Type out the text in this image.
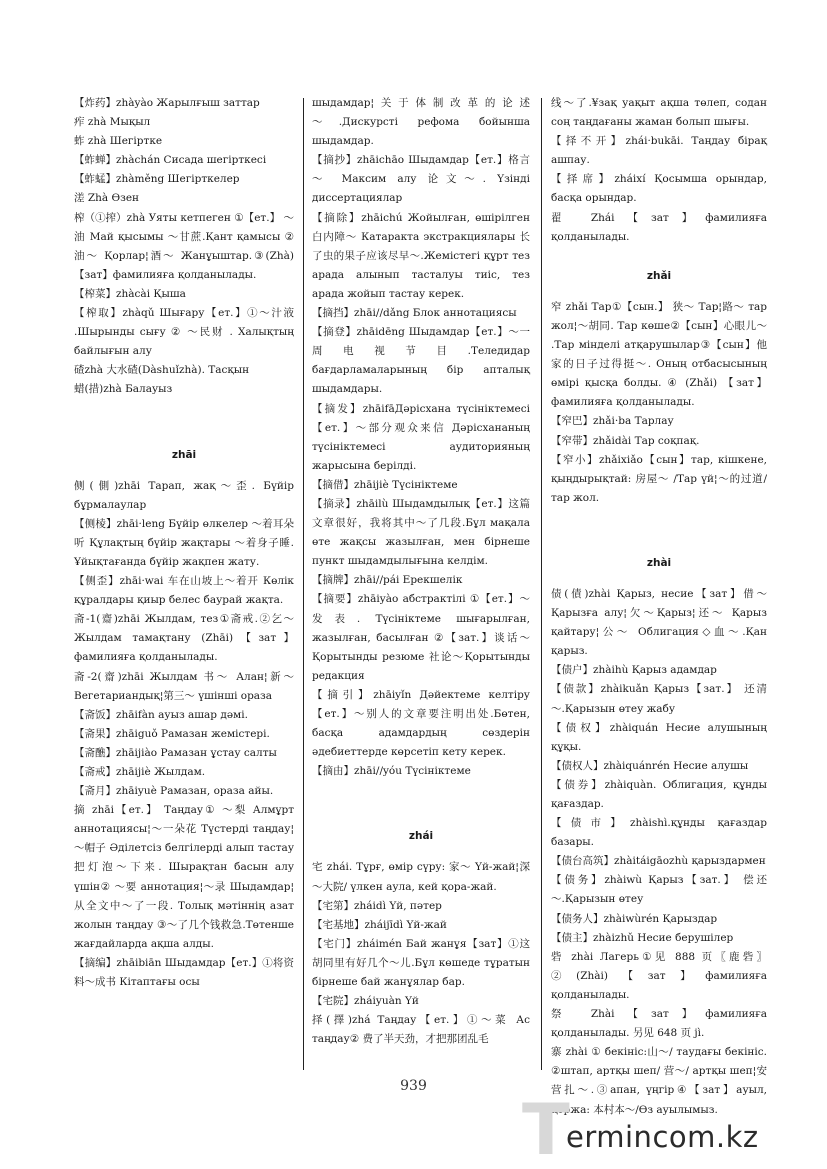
【炸药】zhàyào Жарылғыш заттар

痄 zhà Мықыл

蚱 zhà Шегіртке

【蚱蝉】zhàchán Сисада шегірткесі

【蚱蜢】zhàměng Шегірткелер

溠 Zhà Өзен

榨（①搾）zhà Уяты кетпеген ①【ет.】 ～油 Май қысымы ～甘蔗.Қант қамысы ②油～ Қорлар¦酒～ Жанұыштар.③(Zhà)【зат】фамилияға қолданылады.

【榨菜】zhàcài Қыша

【榨取】zhàqǔ Шығару【ет.】①～汁液 .Шырынды сығу ② ～民财 . Халықтың байлығын алу

碴zhà 大水碴(Dàshuǐzhà). Тасқын

蜡(措)zhà Балауыз

zhāi

侧(側)zhāi Тарап, жақ～歪. Бүйір бұрмалаулар

【侧棱】zhāi·leng Бүйір өлкелер ～着耳朵听 Құлақтың бүйір жақтары ～着身子睡. Ұйықтағанда бүйір жақпен жату.

【侧歪】zhāi·wai 车在山坡上～着开 Көлік құралдары қиыр белес баурай жақта.

斋-1(齋)zhāi Жылдам, тез①斋戒.②乞～ Жылдам тамақтану (Zhāi)【зат】фамилияға қолданылады.

斋-2(齋)zhāi Жылдам 书～ Алан¦新～ Вегетариандық¦第三～ үшінші ораза

【斋饭】zhāifàn ауыз ашар дәмі.

【斋果】zhāiguǒ Рамазан жемістері.

【斋醮】zhāijiào Рамазан ұстау салты

【斋戒】zhāijiè Жылдам.

【斋月】zhāiyuè Рамазан, ораза айы.

摘 zhāi【ет.】 Таңдау① ～梨 Алмұрт аннотациясы¦～一朵花 Түстерді таңдау¦～帽子 Әділетсіз белгілерді алып тастау 把灯泡～下来. Шырақтан басын алу үшін② ～要 аннотация¦～录 Шыдамдар¦从全文中～了一段. Толық мәтіннің азат жолын таңдау ③～了几个钱救急.Төтенше жағдайларда ақша алды.

【摘编】zhāibiān Шыдамдар【ет.】①将资料～成书 Кітаптағы осы

шыдамдар¦关于体制改革的论述～.Дискурсті рефома бойынша шыдамдар.

【摘抄】zhāichāo Шыдамдар【ет.】格言～ Максим алу 论文～. Үзінді диссертациялар

【摘除】zhāichú Жойылған, өшірілген 白内障～ Катаракта экстракциялары 长了虫的果子应该尽早～.Жемістегі құрт тез арада алынып тасталуы тиіс, тез арада жойып тастау керек.

【摘挡】zhāi//dǎng Блок аннотациясы

【摘登】zhāidēng Шыдамдар【ет.】～一周电视节目.Теледидар бағдарламаларының бір апталық шыдамдары.

【摘发】zhāifāДәрісхана түсініктемесі【ет.】～部分观众来信 Дәрісхананың түсініктемесі аудиторияның жарысына берілді.

【摘借】zhāijiè Түсініктеме

【摘录】zhāilù Шыдамдылық【ет.】这篇文章很好，我将其中～了几段.Бұл мақала өте жақсы жазылған, мен бірнеше пункт шыдамдылығына келдім.

【摘牌】zhāi//pái Ерекшелік

【摘要】zhāiyào абстрактілі ①【ет.】～发表. Түсініктеме шығарылған, жазылған, басылған ②【зат.】谈话～ Қорытынды резюме 社论～Қорытынды редакция

【摘引】zhāiyǐn Дәйектеме келтіру【ет.】～别人的文章要注明出处.Бөтен, басқа адамдардың сөздерін әдебиеттерде көрсетіп кету керек.

【摘由】zhāi//yóu Түсініктеме

zhái

宅 zhái. Тұрғ, өмір сүру: 家～ Үй-жай¦深～大院/ үлкен аула, кей қора-жай.

【宅第】zháidì Үй, пәтер

【宅基地】zháijīdì Үй-жай

【宅门】zháimén Бай жанұя【зат】①这胡同里有好几个～儿.Бұл көшеде тұратын бірнеше бай жанұялар бар.

【宅院】zháiyuàn Үй

择(擇)zhá Таңдау【ет.】①～菜 Ас таңдау② 费了半天劲，才把那团乱毛

线～了.¥зақ уақыт ақша төлеп, содан соң таңдағаны жаман болып шығы.

【择不开】zhái·bukāi. Таңдау бірақ ашпау.

【择席】zháixí Қосымша орындар, басқа орындар.

翟 Zhái【зат】фамилияға қолданылады.

zhǎi

窄 zhǎi Тар①【сын.】 狭～ Тар¦路～ тар жол¦～胡同. Тар көше②【сын】心眼儿～ .Тар мінделі атқарушылар③【сын】他家的日子过得挺～. Оның отбасысының өмірі қысқа болды. ④ (Zhǎi) 【зат】 фамилияға қолданылады.

【窄巴】zhǎi·ba Тарлау

【窄带】zhǎidài Тар соқпақ.

【窄小】zhǎixiǎo【сын】тар, кішкене, қыңдырықтай: 房屋～ /Тар үй¦～的过道/ тар жол.

zhài

债(債)zhài Қарыз, несие【зат】借～ Қарызға алу¦欠～Қарыз¦还～ Қарыз қайтару¦公～ Облигация◇血～.Қан қарыз.

【债户】zhàihù Қарыз адамдар

【债款】zhàikuǎn Қарыз【зат.】 还清～.Қарызын өтеу жабу

【债权】zhàiquán Несие алушының құқы.

【债权人】zhàiquánrén Несие алушы

【债券】zhàiquàn. Облигация, құнды қағаздар.

【债市】zhàishì.құнды қағаздар базары.

【债台高筑】zhàitáigāozhù қарыздармен

【债务】zhàiwù Қарыз【зат.】 偿还～.Қарызын өтеу

【债务人】zhàiwùrén Қарыздар

【债主】zhàizhǔ Несие берушілер

砦 zhài Лагерь①见 888 页〖鹿砦〗②(Zhài)【зат】фамилияға қолданылады.

祭 Zhài【зат】фамилияға қолданылады. 另见 648 页 jì.

寨 zhài ① бекініс:山～/ таудағы бекініс. ②штап, артқы шеп/ 营～/ артқы шеп¦安营扎～.③апан, үңгір④【зат】ауыл, қоржа: 本村本～/Өз ауылымыз.

939
T
ermincom.kz
